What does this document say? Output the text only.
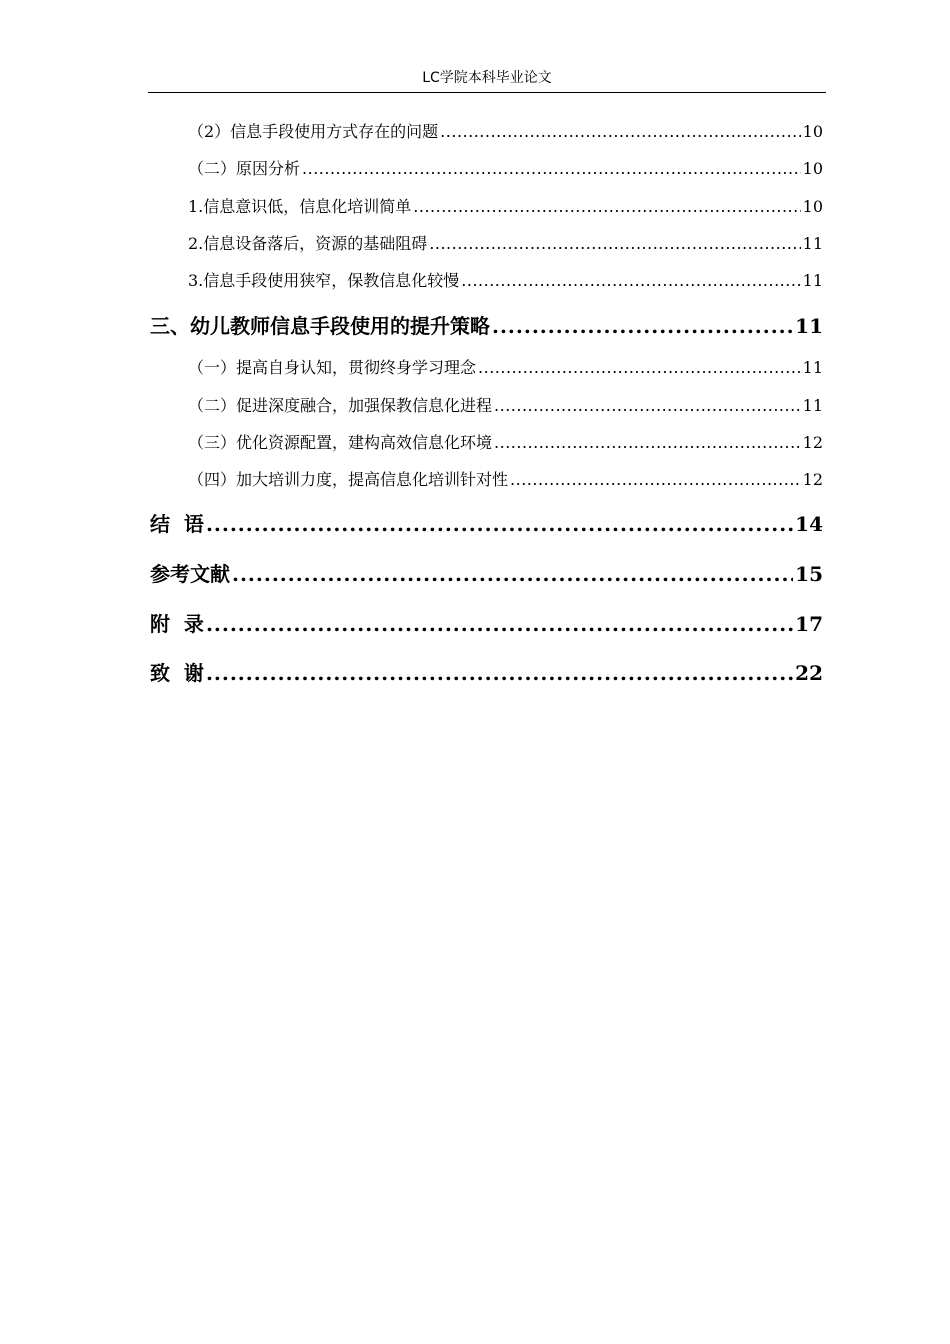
LC学院本科毕业论文
（2）信息手段使用方式存在的问题 .....	10
（二）原因分析 .....	10
1.信息意识低，信息化培训简单 .....	10
2.信息设备落后，资源的基础阻碍 .....	11
3.信息手段使用狭窄，保教信息化较慢 .....	11
三、幼儿教师信息手段使用的提升策略 .....	11
（一）提高自身认知，贯彻终身学习理念 .....	11
（二）促进深度融合，加强保教信息化进程 .....	11
（三）优化资源配置，建构高效信息化环境 .....	12
（四）加大培训力度，提高信息化培训针对性 .....	12
结  语 .....	14
参考文献 .....	15
附  录 .....	17
致  谢 .....	22
